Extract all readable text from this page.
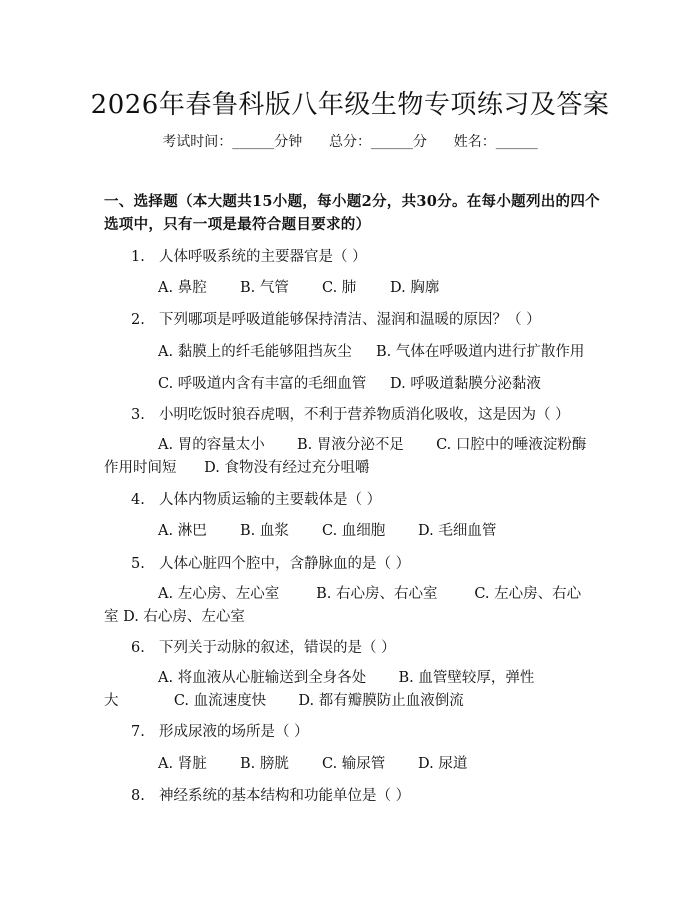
2026年春鲁科版八年级生物专项练习及答案
考试时间：______分钟      总分：______分      姓名：______
一、选择题（本大题共15小题，每小题2分，共30分。在每小题列出的四个选项中，只有一项是最符合题目要求的）
1. 人体呼吸系统的主要器官是（ ）
A. 鼻腔 B. 气管 C. 肺 D. 胸廓
2. 下列哪项是呼吸道能够保持清洁、湿润和温暖的原因？（ ）
A. 黏膜上的纤毛能够阻挡灰尘 B. 气体在呼吸道内进行扩散作用
C. 呼吸道内含有丰富的毛细血管 D. 呼吸道黏膜分泌黏液
3. 小明吃饭时狼吞虎咽，不利于营养物质消化吸收，这是因为（ ）
A. 胃的容量太小 B. 胃液分泌不足 C. 口腔中的唾液淀粉酶作用时间短 D. 食物没有经过充分咀嚼
4. 人体内物质运输的主要载体是（ ）
A. 淋巴 B. 血浆 C. 血细胞 D. 毛细血管
5. 人体心脏四个腔中，含静脉血的是（ ）
A. 左心房、左心室	B. 右心房、右心室	C. 左心房、右心室 D. 右心房、左心室
6. 下列关于动脉的叙述，错误的是（ ）
A. 将血液从心脏输送到全身各处 B. 血管壁较厚，弹性大	C. 血流速度快 D. 都有瓣膜防止血液倒流
7. 形成尿液的场所是（ ）
A. 肾脏 B. 膀胱 C. 输尿管 D. 尿道
8. 神经系统的基本结构和功能单位是（ ）
